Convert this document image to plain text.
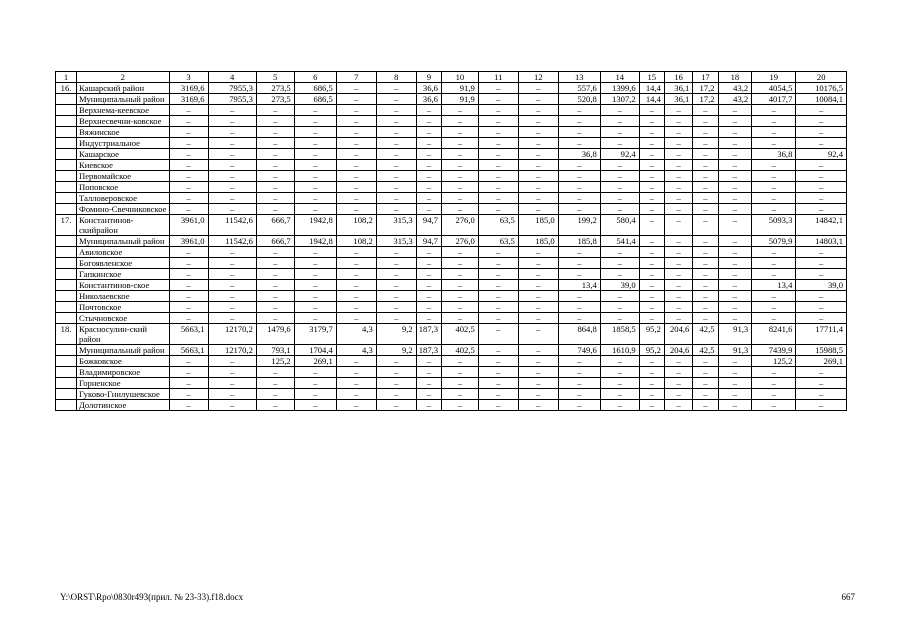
1	2	3	4	5	6	7	8	9	10	11	12	13	14	15	16	17	18	19	20
16.	Кашарский район	3169,6	7955,3	273,5	686,5	–	–	36,6	91,9	–	–	557,6	1399,6	14,4	36,1	17,2	43,2	4054,5	10176,5
	Муниципальный район	3169,6	7955,3	273,5	686,5	–	–	36,6	91,9	–	–	520,8	1307,2	14,4	36,1	17,2	43,2	4017,7	10084,1
	Верхнема-кеевское	–	–	–	–	–	–	–	–	–	–	–	–	–	–	–	–	–	–
	Верхнесвечни-ковское	–	–	–	–	–	–	–	–	–	–	–	–	–	–	–	–	–	–
	Вяжинское	–	–	–	–	–	–	–	–	–	–	–	–	–	–	–	–	–	–
	Индустриальное	–	–	–	–	–	–	–	–	–	–	–	–	–	–	–	–	–	–
	Кашарское	–	–	–	–	–	–	–	–	–	–	36,8	92,4	–	–	–	–	36,8	92,4
	Киевское	–	–	–	–	–	–	–	–	–	–	–	–	–	–	–	–	–	–
	Первомайское	–	–	–	–	–	–	–	–	–	–	–	–	–	–	–	–	–	–
	Поповское	–	–	–	–	–	–	–	–	–	–	–	–	–	–	–	–	–	–
	Талловеровское	–	–	–	–	–	–	–	–	–	–	–	–	–	–	–	–	–	–
	Фомино-Свечниковское	–	–	–	–	–	–	–	–	–	–	–	–	–	–	–	–	–	–
17.	Константинов-скийрайон	3961,0	11542,6	666,7	1942,8	108,2	315,3	94,7	276,0	63,5	185,0	199,2	580,4	–	–	–	–	5093,3	14842,1
	Муниципальный район	3961,0	11542,6	666,7	1942,8	108,2	315,3	94,7	276,0	63,5	185,0	185,8	541,4	–	–	–	–	5079,9	14803,1
	Авиловское	–	–	–	–	–	–	–	–	–	–	–	–	–	–	–	–	–	–
	Богоявленское	–	–	–	–	–	–	–	–	–	–	–	–	–	–	–	–	–	–
	Гапкинское	–	–	–	–	–	–	–	–	–	–	–	–	–	–	–	–	–	–
	Константинов-ское	–	–	–	–	–	–	–	–	–	–	13,4	39,0	–	–	–	–	13,4	39,0
	Николаевское	–	–	–	–	–	–	–	–	–	–	–	–	–	–	–	–	–	–
	Почтовское	–	–	–	–	–	–	–	–	–	–	–	–	–	–	–	–	–	–
	Стычновское	–	–	–	–	–	–	–	–	–	–	–	–	–	–	–	–	–	–
18.	Красносулин-ский район	5663,1	12170,2	1479,6	3179,7	4,3	9,2	187,3	402,5	–	–	864,8	1858,5	95,2	204,6	42,5	91,3	8241,6	17711,4
	Муниципальный район	5663,1	12170,2	793,1	1704,4	4,3	9,2	187,3	402,5	–	–	749,6	1610,9	95,2	204,6	42,5	91,3	7439,9	15988,5
	Божковское	–	–	125,2	269,1	–	–	–	–	–	–	–	–	–	–	–	–	125,2	269,1
	Владимировское	–	–	–	–	–	–	–	–	–	–	–	–	–	–	–	–	–	–
	Горненское	–	–	–	–	–	–	–	–	–	–	–	–	–	–	–	–	–	–
	Гуково-Гнилушевское	–	–	–	–	–	–	–	–	–	–	–	–	–	–	–	–	–	–
	Долотинское	–	–	–	–	–	–	–	–	–	–	–	–	–	–	–	–	–	–
Y:\ORST\Rpo\0830r493(прил. № 23-33).f18.docx	667
